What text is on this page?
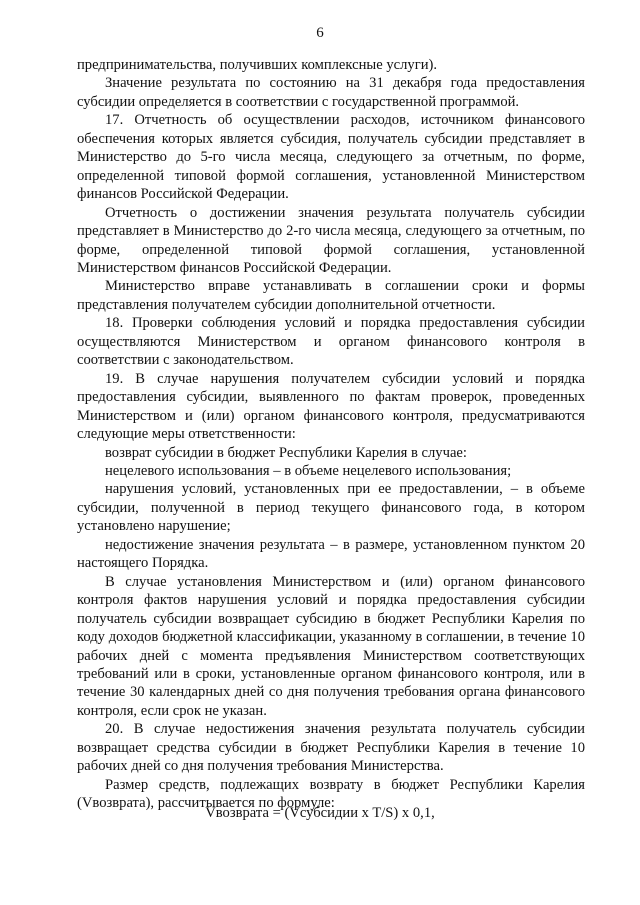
6

предпринимательства, получивших комплексные услуги).

Значение результата по состоянию на 31 декабря года предоставления субсидии определяется в соответствии с государственной программой.

17. Отчетность об осуществлении расходов, источником финансового обеспечения которых является субсидия, получатель субсидии представляет в Министерство до 5-го числа месяца, следующего за отчетным, по форме, определенной типовой формой соглашения, установленной Министерством финансов Российской Федерации.

Отчетность о достижении значения результата получатель субсидии представляет в Министерство до 2-го числа месяца, следующего за отчетным, по форме, определенной типовой формой соглашения, установленной Министерством финансов Российской Федерации.

Министерство вправе устанавливать в соглашении сроки и формы представления получателем субсидии дополнительной отчетности.

18. Проверки соблюдения условий и порядка предоставления субсидии осуществляются Министерством и органом финансового контроля в соответствии с законодательством.

19. В случае нарушения получателем субсидии условий и порядка предоставления субсидии, выявленного по фактам проверок, проведенных Министерством и (или) органом финансового контроля, предусматриваются следующие меры ответственности:

возврат субсидии в бюджет Республики Карелия в случае:

нецелевого использования – в объеме нецелевого использования;

нарушения условий, установленных при ее предоставлении, – в объеме субсидии, полученной в период текущего финансового года, в котором установлено нарушение;

недостижение значения результата – в размере, установленном пунктом 20 настоящего Порядка.

В случае установления Министерством и (или) органом финансового контроля фактов нарушения условий и порядка предоставления субсидии получатель субсидии возвращает субсидию в бюджет Республики Карелия по коду доходов бюджетной классификации, указанному в соглашении, в течение 10 рабочих дней с момента предъявления Министерством соответствующих требований или в сроки, установленные органом финансового контроля, или в течение 30 календарных дней со дня получения требования органа финансового контроля, если срок не указан.

20. В случае недостижения значения результата получатель субсидии возвращает средства субсидии в бюджет Республики Карелия в течение 10 рабочих дней со дня получения требования Министерства.

Размер средств, подлежащих возврату в бюджет Республики Карелия (Vвозврата), рассчитывается по формуле:

Vвозврата = (Vсубсидии x T/S) x 0,1,
